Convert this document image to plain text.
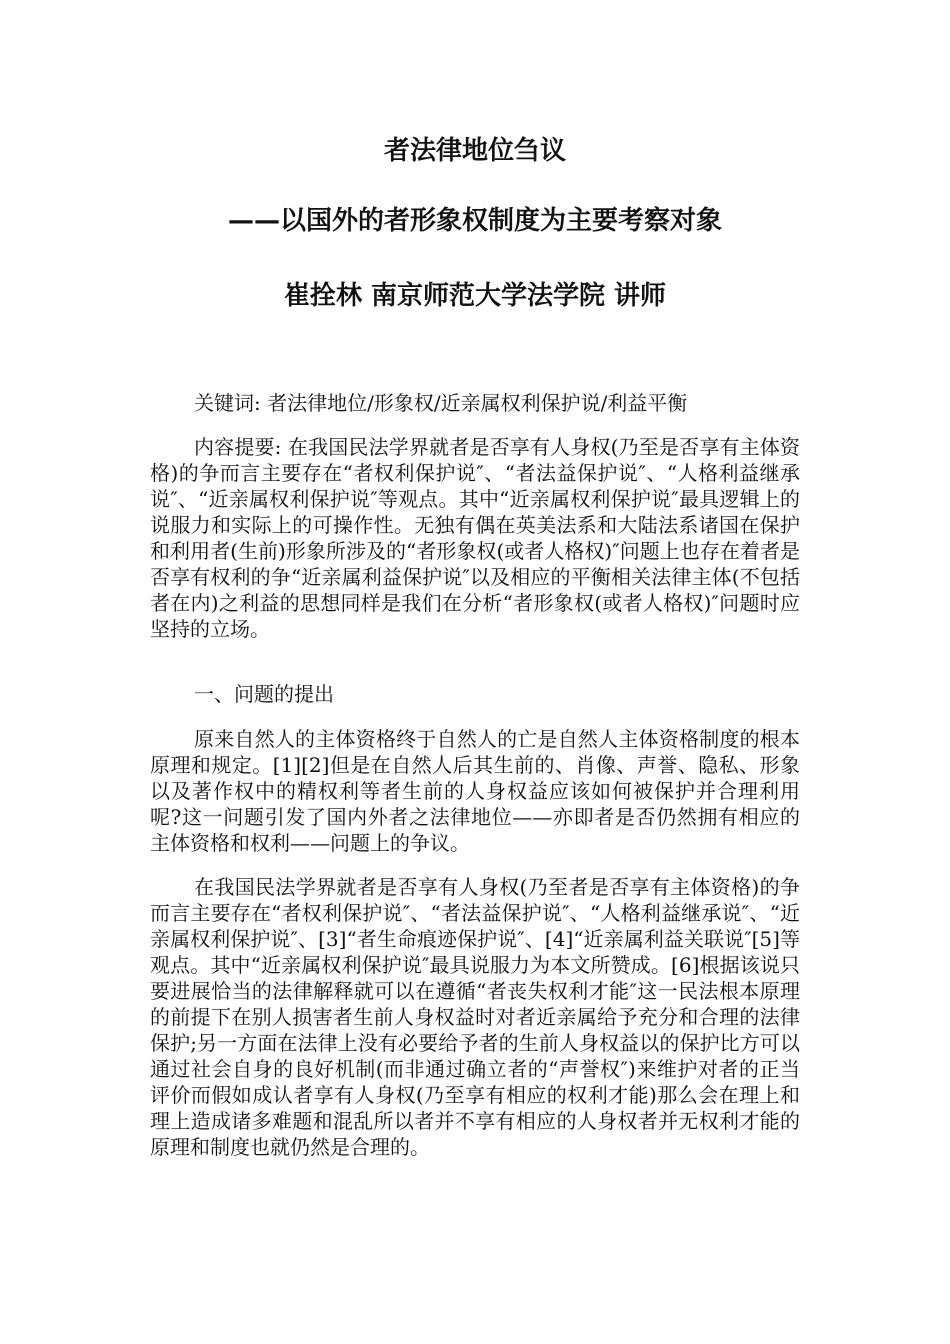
者法律地位刍议
——以国外的者形象权制度为主要考察对象
崔拴林 南京师范大学法学院 讲师

关键词: 者法律地位/形象权/近亲属权利保护说/利益平衡

内容提要: 在我国民法学界就者是否享有人身权(乃至是否享有主体资格)的争而言主要存在“者权利保护说″、“者法益保护说″、“人格利益继承说″、“近亲属权利保护说″等观点。其中“近亲属权利保护说″最具逻辑上的说服力和实际上的可操作性。无独有偶在英美法系和大陆法系诸国在保护和利用者(生前)形象所涉及的“者形象权(或者人格权)″问题上也存在着者是否享有权利的争“近亲属利益保护说″以及相应的平衡相关法律主体(不包括者在内)之利益的思想同样是我们在分析“者形象权(或者人格权)″问题时应坚持的立场。

一、问题的提出

原来自然人的主体资格终于自然人的亡是自然人主体资格制度的根本原理和规定。[1][2]但是在自然人后其生前的、肖像、声誉、隐私、形象以及著作权中的精权利等者生前的人身权益应该如何被保护并合理利用呢?这一问题引发了国内外者之法律地位——亦即者是否仍然拥有相应的主体资格和权利——问题上的争议。

在我国民法学界就者是否享有人身权(乃至者是否享有主体资格)的争而言主要存在“者权利保护说″、“者法益保护说″、“人格利益继承说″、“近亲属权利保护说″、[3]“者生命痕迹保护说″、[4]“近亲属利益关联说″[5]等观点。其中“近亲属权利保护说″最具说服力为本文所赞成。[6]根据该说只要进展恰当的法律解释就可以在遵循“者丧失权利才能″这一民法根本原理的前提下在别人损害者生前人身权益时对者近亲属给予充分和合理的法律保护;另一方面在法律上没有必要给予者的生前人身权益以的保护比方可以通过社会自身的良好机制(而非通过确立者的“声誉权″)来维护对者的正当评价而假如成认者享有人身权(乃至享有相应的权利才能)那么会在理上和理上造成诸多难题和混乱所以者并不享有相应的人身权者并无权利才能的原理和制度也就仍然是合理的。
